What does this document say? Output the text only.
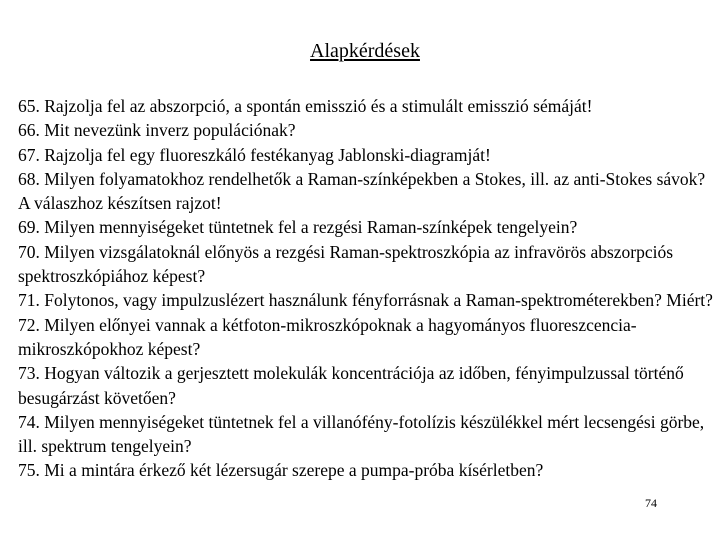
Alapkérdések
65. Rajzolja fel az abszorpció, a spontán emisszió és a stimulált emisszió sémáját!
66. Mit nevezünk inverz populációnak?
67. Rajzolja fel egy fluoreszkáló festékanyag Jablonski-diagramját!
68. Milyen folyamatokhoz rendelhetők a Raman-színképekben a Stokes, ill. az anti-Stokes sávok? A válaszhoz készítsen rajzot!
69. Milyen mennyiségeket tüntetnek fel a rezgési Raman-színképek tengelyein?
70. Milyen vizsgálatoknál előnyös a rezgési Raman-spektroszkópia az infravörös abszorpciós spektroszkópiához képest?
71. Folytonos, vagy impulzuslézert használunk fényforrásnak a Raman-spektrométerekben? Miért?
72. Milyen előnyei vannak a kétfoton-mikroszkópoknak a hagyományos fluoreszcencia-mikroszkópokhoz képest?
73. Hogyan változik a gerjesztett molekulák koncentrációja az időben, fényimpulzussal történő besugárzást követően?
74. Milyen mennyiségeket tüntetnek fel a villanófény-fotolízis készülékkel mért lecsengési görbe, ill. spektrum tengelyein?
75. Mi a mintára érkező két lézersugár szerepe a pumpa-próba kísérletben?
74
